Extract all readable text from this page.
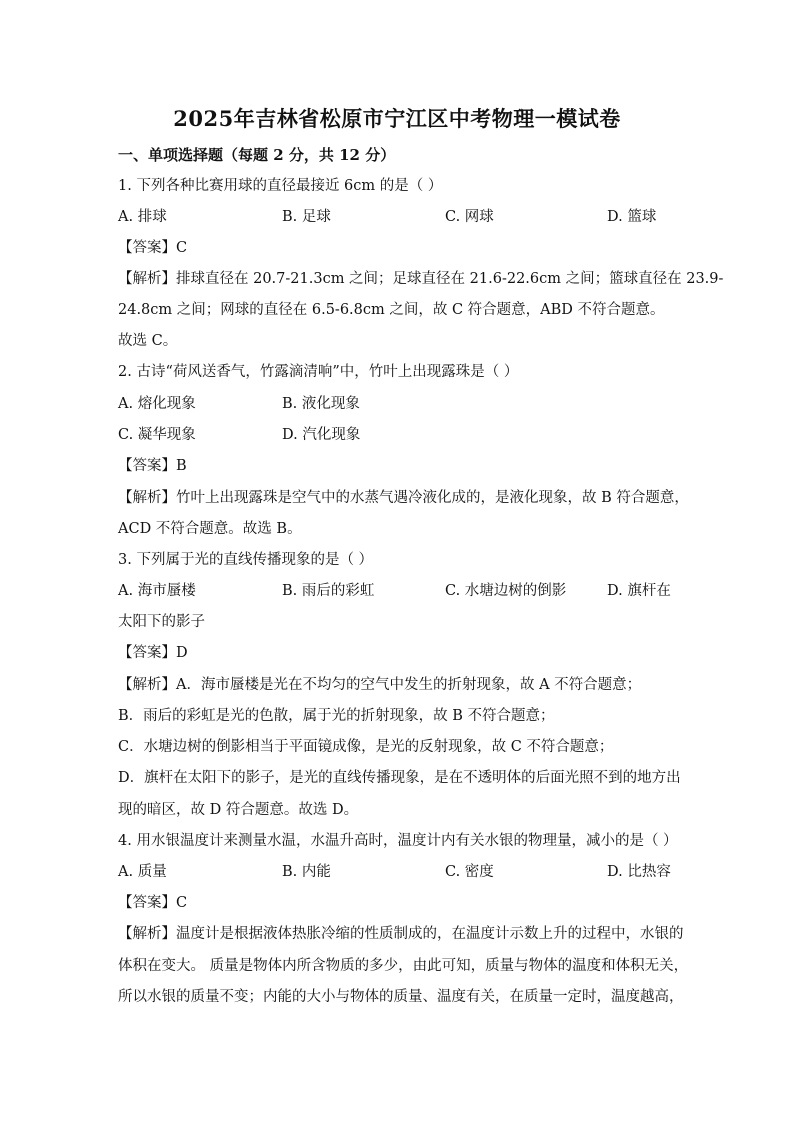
2025年吉林省松原市宁江区中考物理一模试卷
一、单项选择题（每题 2 分，共 12 分）
1. 下列各种比赛用球的直径最接近 6cm 的是（ ）
A. 排球	B. 足球	C. 网球	D. 篮球
【答案】C
【解析】排球直径在 20.7-21.3cm 之间；足球直径在 21.6-22.6cm 之间；篮球直径在 23.9-
24.8cm 之间；网球的直径在 6.5-6.8cm 之间，故 C 符合题意，ABD 不符合题意。
故选 C。
2. 古诗“荷风送香气，竹露滴清响”中，竹叶上出现露珠是（ ）
A. 熔化现象	B. 液化现象
C. 凝华现象	D. 汽化现象
【答案】B
【解析】竹叶上出现露珠是空气中的水蒸气遇冷液化成的，是液化现象，故 B 符合题意，
ACD 不符合题意。故选 B。
3. 下列属于光的直线传播现象的是（ ）
A. 海市蜃楼	B. 雨后的彩虹	C. 水塘边树的倒影	D. 旗杆在
太阳下的影子
【答案】D
【解析】A．海市蜃楼是光在不均匀的空气中发生的折射现象，故 A 不符合题意；
B．雨后的彩虹是光的色散，属于光的折射现象，故 B 不符合题意；
C．水塘边树的倒影相当于平面镜成像，是光的反射现象，故 C 不符合题意；
D．旗杆在太阳下的影子，是光的直线传播现象，是在不透明体的后面光照不到的地方出
现的暗区，故 D 符合题意。故选 D。
4. 用水银温度计来测量水温，水温升高时，温度计内有关水银的物理量，减小的是（ ）
A. 质量	B. 内能	C. 密度	D. 比热容
【答案】C
【解析】温度计是根据液体热胀冷缩的性质制成的，在温度计示数上升的过程中，水银的
体积在变大。 质量是物体内所含物质的多少，由此可知，质量与物体的温度和体积无关，
所以水银的质量不变；内能的大小与物体的质量、温度有关，在质量一定时，温度越高，
